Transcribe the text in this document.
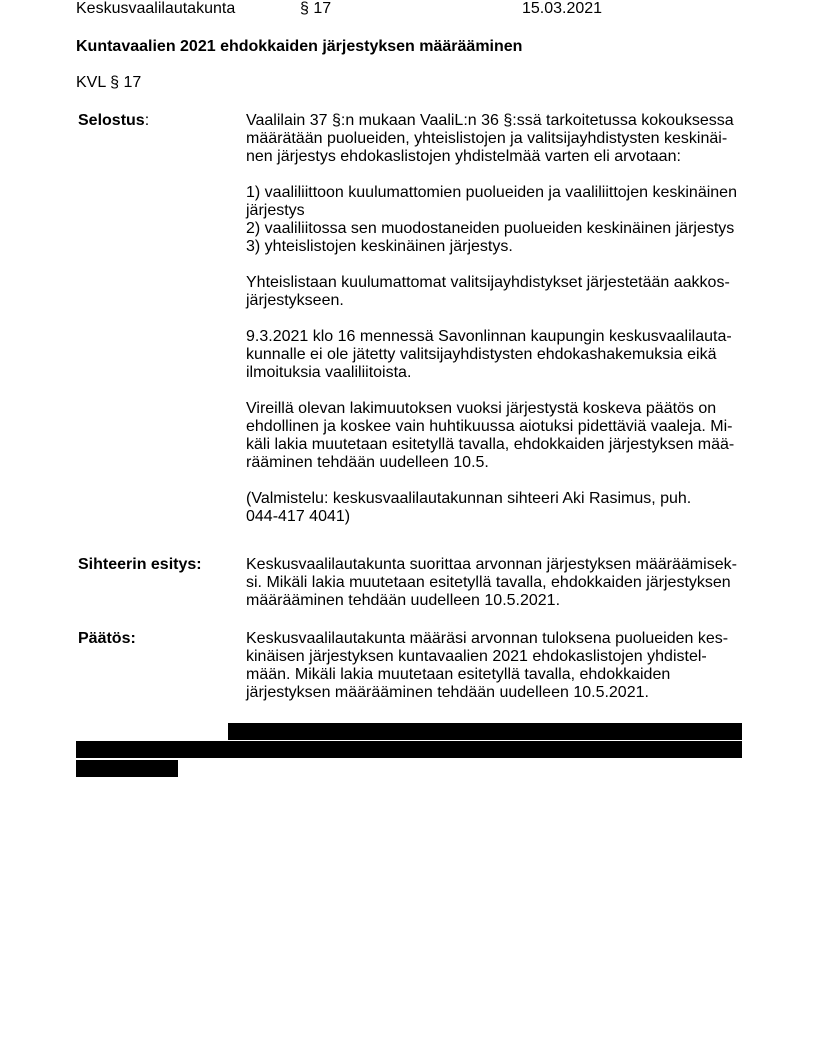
Keskusvaalilautakunta	§ 17	15.03.2021
Kuntavaalien 2021 ehdokkaiden järjestyksen määrääminen
KVL § 17
Selostus:	Vaalilain 37 §:n mukaan VaaliL:n 36 §:ssä tarkoitetussa kokouksessa
määrätään puolueiden, yhteislistojen ja valitsijayhdistysten keskinäi-
nen järjestys ehdokaslistojen yhdistelmää varten eli arvotaan:
1) vaaliliittoon kuulumattomien puolueiden ja vaaliliittojen keskinäinen
järjestys
2) vaaliliitossa sen muodostaneiden puolueiden keskinäinen järjestys
3) yhteislistojen keskinäinen järjestys.
Yhteislistaan kuulumattomat valitsijayhdistykset järjestetään aakkos-
järjestykseen.
9.3.2021 klo 16 mennessä Savonlinnan kaupungin keskusvaalilauta-
kunnalle ei ole jätetty valitsijayhdistysten ehdokashakemuksia eikä
ilmoituksia vaaliliitoista.
Vireillä olevan lakimuutoksen vuoksi järjestystä koskeva päätös on
ehdollinen ja koskee vain huhtikuussa aiotuksi pidettäviä vaaleja. Mi-
käli lakia muutetaan esitetyllä tavalla, ehdokkaiden järjestyksen mää-
rääminen tehdään uudelleen 10.5.
(Valmistelu: keskusvaalilautakunnan sihteeri Aki Rasimus, puh.
044-417 4041)
Sihteerin esitys:	Keskusvaalilautakunta suorittaa arvonnan järjestyksen määräämisek-
si. Mikäli lakia muutetaan esitetyllä tavalla, ehdokkaiden järjestyksen
määrääminen tehdään uudelleen 10.5.2021.
Päätös:	Keskusvaalilautakunta määräsi arvonnan tuloksena puolueiden kes-
kinäisen järjestyksen kuntavaalien 2021 ehdokaslistojen yhdistel-
mään. Mikäli lakia muutetaan esitetyllä tavalla, ehdokkaiden
järjestyksen määrääminen tehdään uudelleen 10.5.2021.
